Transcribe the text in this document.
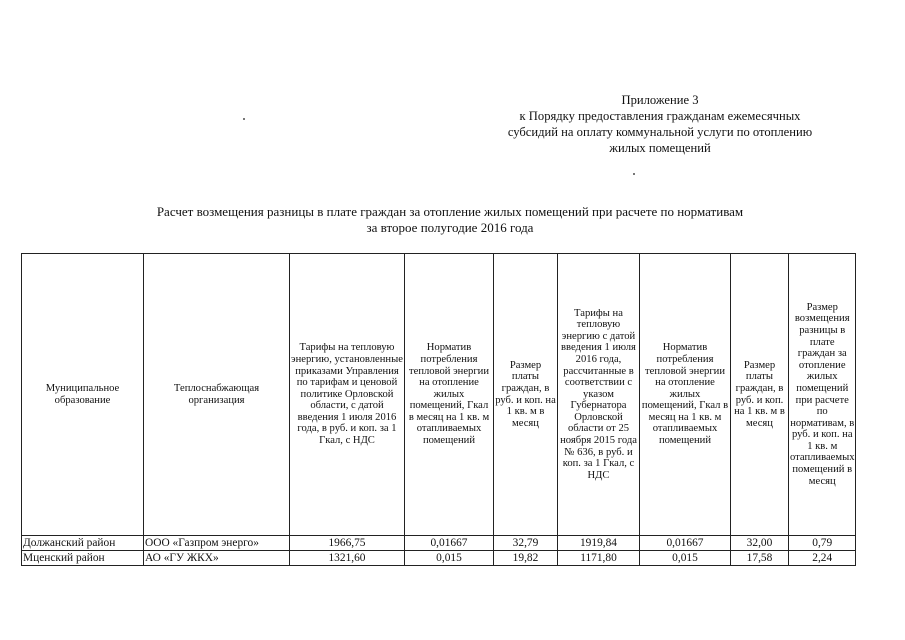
Приложение 3
к Порядку предоставления гражданам ежемесячных
субсидий на оплату коммунальной услуги по отоплению
жилых помещений
Расчет возмещения разницы в плате граждан за отопление жилых помещений при расчете по нормативам
за второе полугодие 2016 года
Муниципальное образование	Теплоснабжающая организация	Тарифы на тепловую энергию, установленные приказами Управления по тарифам и ценовой политике Орловской области, с датой введения 1 июля 2016 года, в руб. и коп. за 1 Гкал, с НДС	Норматив потребления тепловой энергии на отопление жилых помещений, Гкал в месяц на 1 кв. м отапливаемых помещений	Размер платы граждан, в руб. и коп. на 1 кв. м в месяц	Тарифы на тепловую энергию с датой введения 1 июля 2016 года, рассчитанные в соответствии с указом Губернатора Орловской области от 25 ноября 2015 года № 636, в руб. и коп. за 1 Гкал, с НДС	Норматив потребления тепловой энергии на отопление жилых помещений, Гкал в месяц на 1 кв. м отапливаемых помещений	Размер платы граждан, в руб. и коп. на 1 кв. м в месяц	Размер возмещения разницы в плате граждан за отопление жилых помещений при расчете по нормативам, в руб. и коп. на 1 кв. м отапливаемых помещений в месяц
Должанский район	ООО «Газпром энерго»	1966,75	0,01667	32,79	1919,84	0,01667	32,00	0,79
Мценский район	АО «ГУ ЖКХ»	1321,60	0,015	19,82	1171,80	0,015	17,58	2,24
